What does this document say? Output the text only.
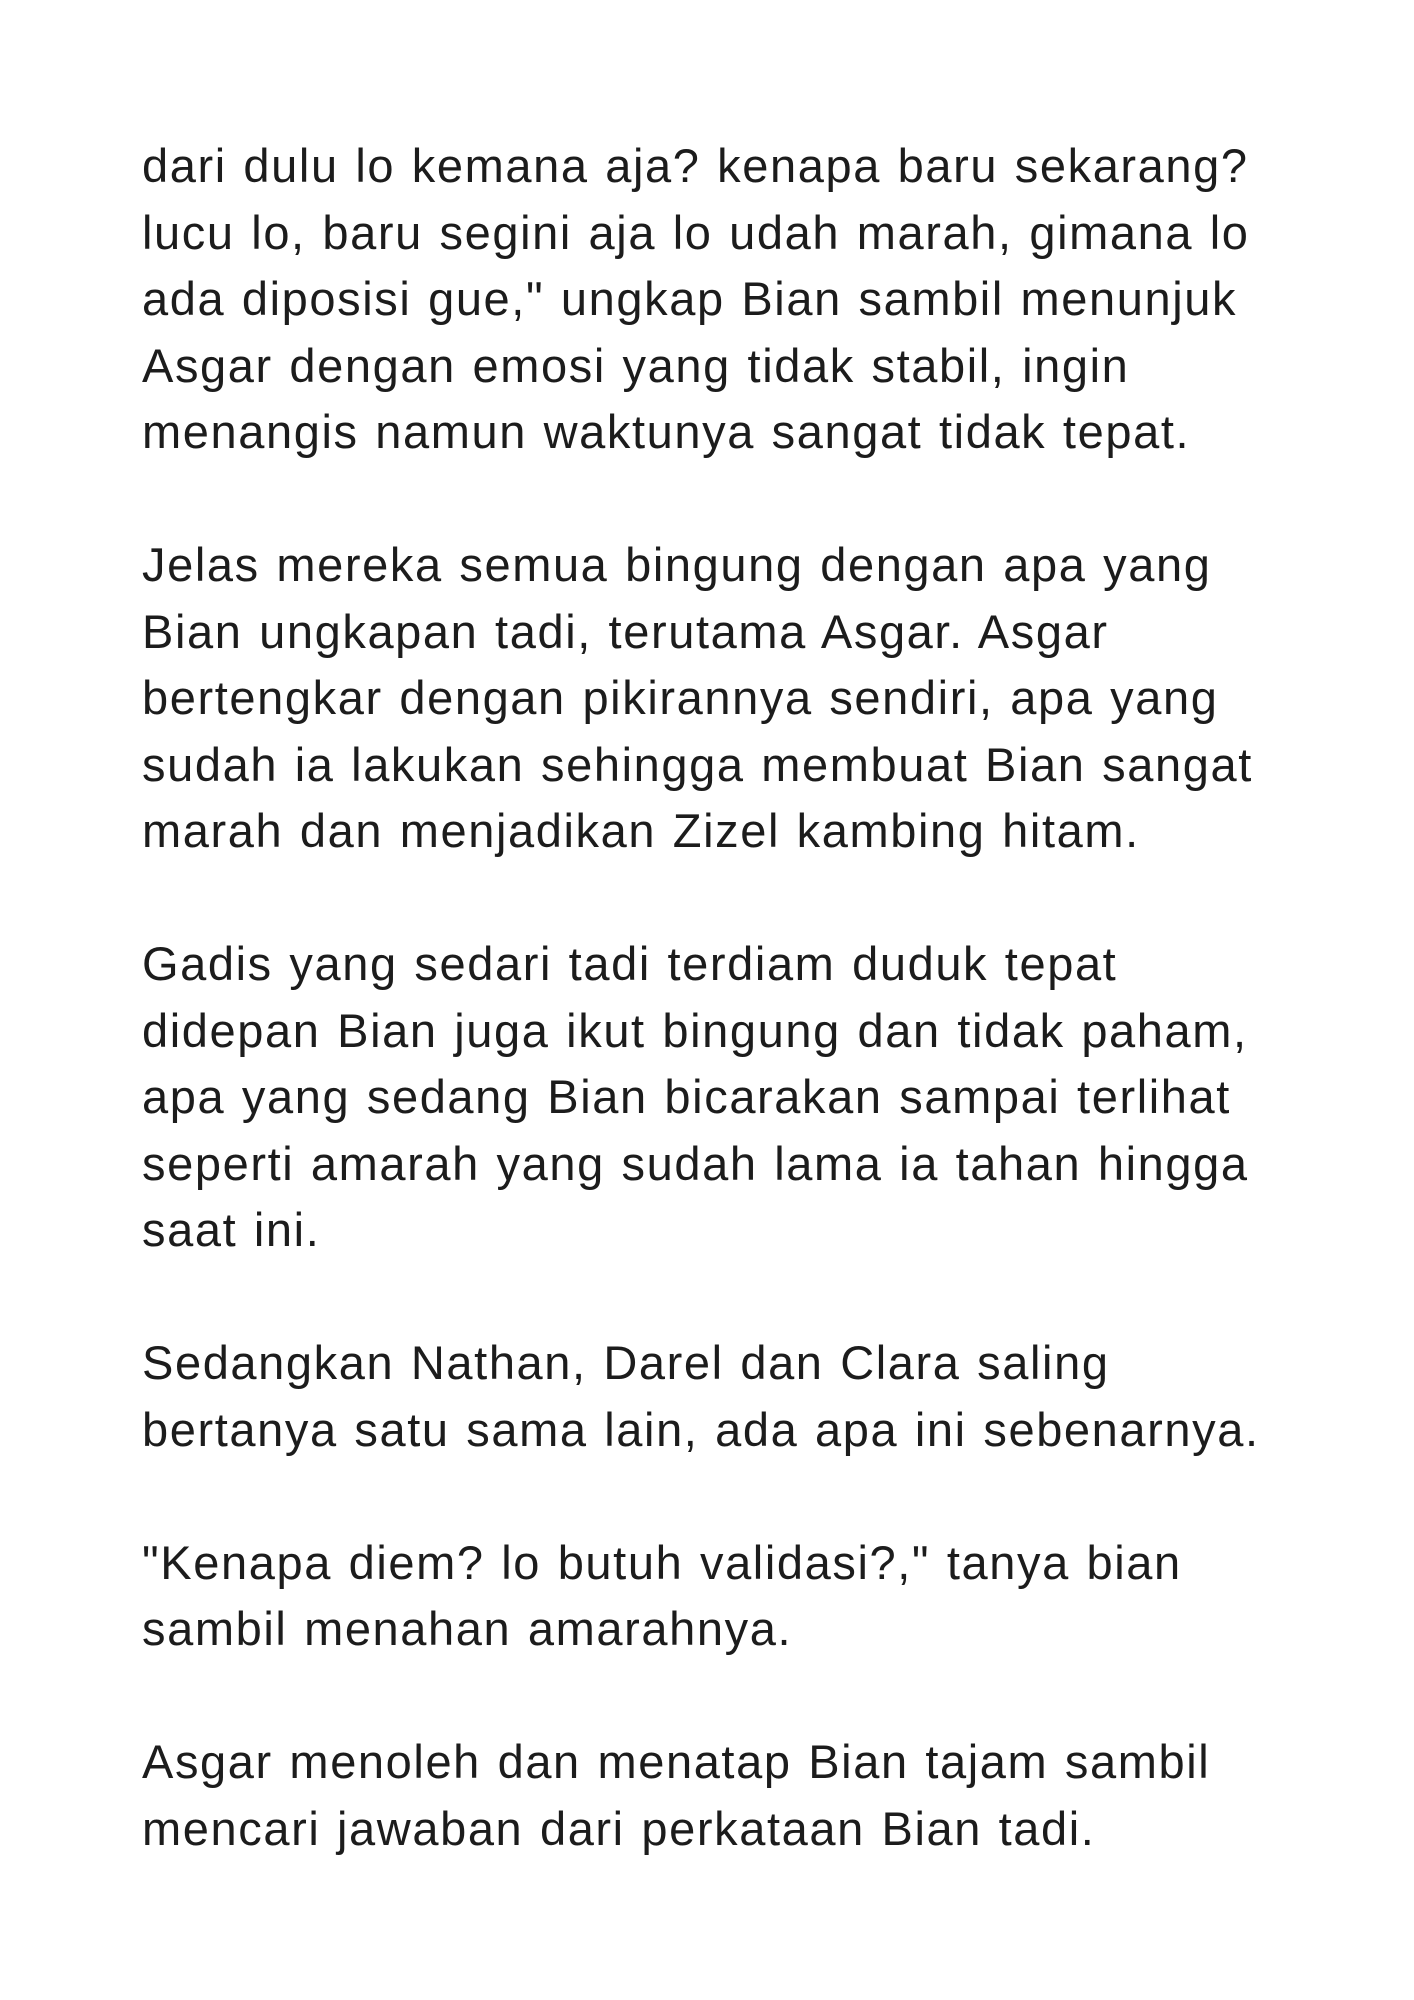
dari dulu lo kemana aja? kenapa baru sekarang?
lucu lo, baru segini aja lo udah marah, gimana lo
ada diposisi gue," ungkap Bian sambil menunjuk
Asgar dengan emosi yang tidak stabil, ingin
menangis namun waktunya sangat tidak tepat.

Jelas mereka semua bingung dengan apa yang
Bian ungkapan tadi, terutama Asgar. Asgar
bertengkar dengan pikirannya sendiri, apa yang
sudah ia lakukan sehingga membuat Bian sangat
marah dan menjadikan Zizel kambing hitam.

Gadis yang sedari tadi terdiam duduk tepat
didepan Bian juga ikut bingung dan tidak paham,
apa yang sedang Bian bicarakan sampai terlihat
seperti amarah yang sudah lama ia tahan hingga
saat ini.

Sedangkan Nathan, Darel dan Clara saling
bertanya satu sama lain, ada apa ini sebenarnya.

"Kenapa diem? lo butuh validasi?," tanya bian
sambil menahan amarahnya.

Asgar menoleh dan menatap Bian tajam sambil
mencari jawaban dari perkataan Bian tadi.
